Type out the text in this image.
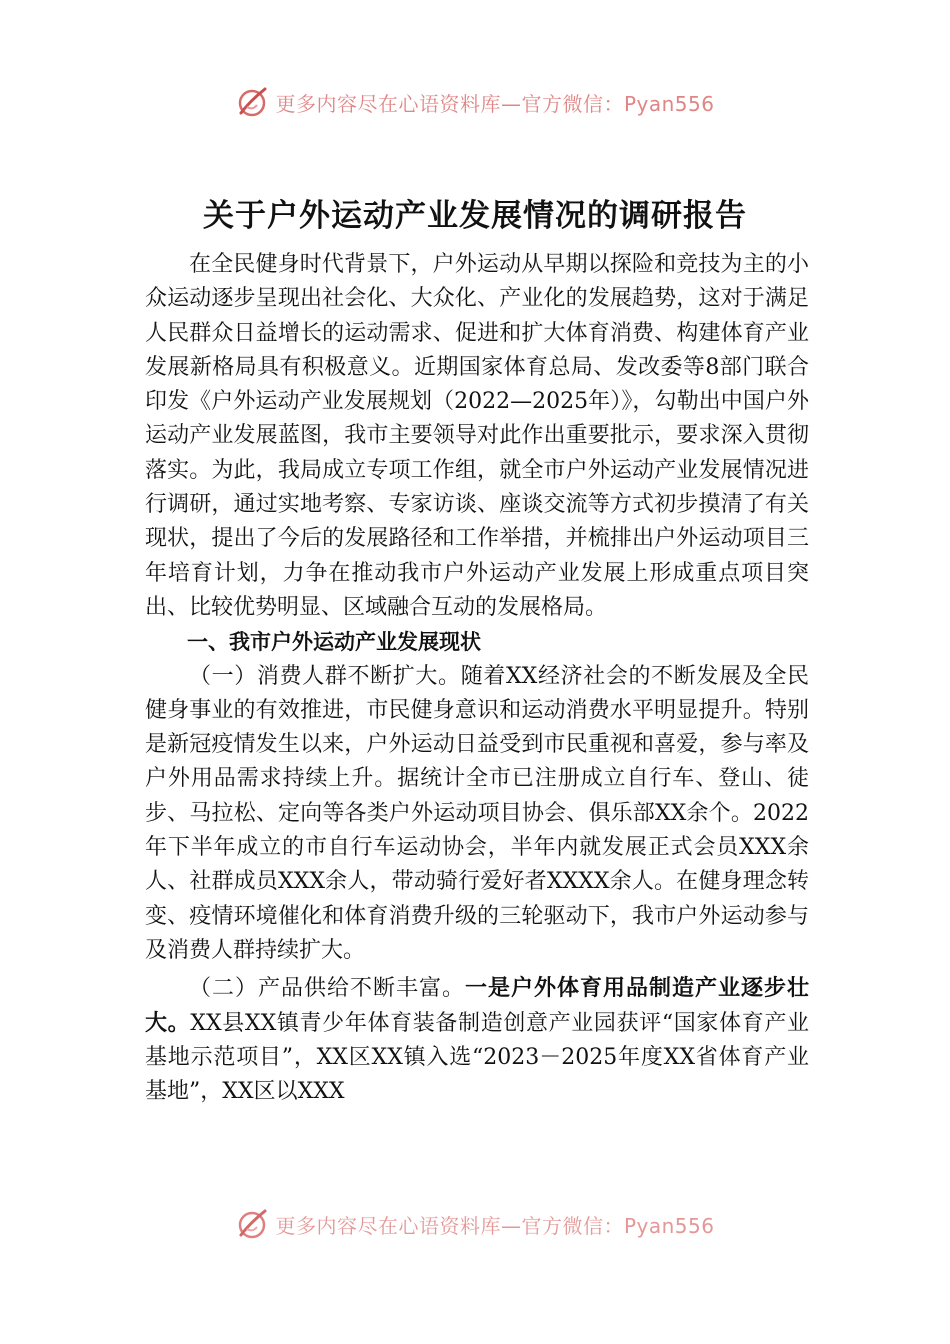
更多内容尽在心语资料库—官方微信：Pyan556
关于户外运动产业发展情况的调研报告

在全民健身时代背景下，户外运动从早期以探险和竞技为主的小众运动逐步呈现出社会化、大众化、产业化的发展趋势，这对于满足人民群众日益增长的运动需求、促进和扩大体育消费、构建体育产业发展新格局具有积极意义。近期国家体育总局、发改委等8部门联合印发《户外运动产业发展规划（2022—2025年）》，勾勒出中国户外运动产业发展蓝图，我市主要领导对此作出重要批示，要求深入贯彻落实。为此，我局成立专项工作组，就全市户外运动产业发展情况进行调研，通过实地考察、专家访谈、座谈交流等方式初步摸清了有关现状，提出了今后的发展路径和工作举措，并梳排出户外运动项目三年培育计划，力争在推动我市户外运动产业发展上形成重点项目突出、比较优势明显、区域融合互动的发展格局。

一、我市户外运动产业发展现状

（一）消费人群不断扩大。随着XX经济社会的不断发展及全民健身事业的有效推进，市民健身意识和运动消费水平明显提升。特别是新冠疫情发生以来，户外运动日益受到市民重视和喜爱，参与率及户外用品需求持续上升。据统计全市已注册成立自行车、登山、徒步、马拉松、定向等各类户外运动项目协会、俱乐部XX余个。2022年下半年成立的市自行车运动协会，半年内就发展正式会员XXX余人、社群成员XXX余人，带动骑行爱好者XXXX余人。在健身理念转变、疫情环境催化和体育消费升级的三轮驱动下，我市户外运动参与及消费人群持续扩大。

（二）产品供给不断丰富。一是户外体育用品制造产业逐步壮大。XX县XX镇青少年体育装备制造创意产业园获评“国家体育产业基地示范项目”，XX区XX镇入选“2023－2025年度XX省体育产业基地”，XX区以XXX

更多内容尽在心语资料库—官方微信：Pyan556
